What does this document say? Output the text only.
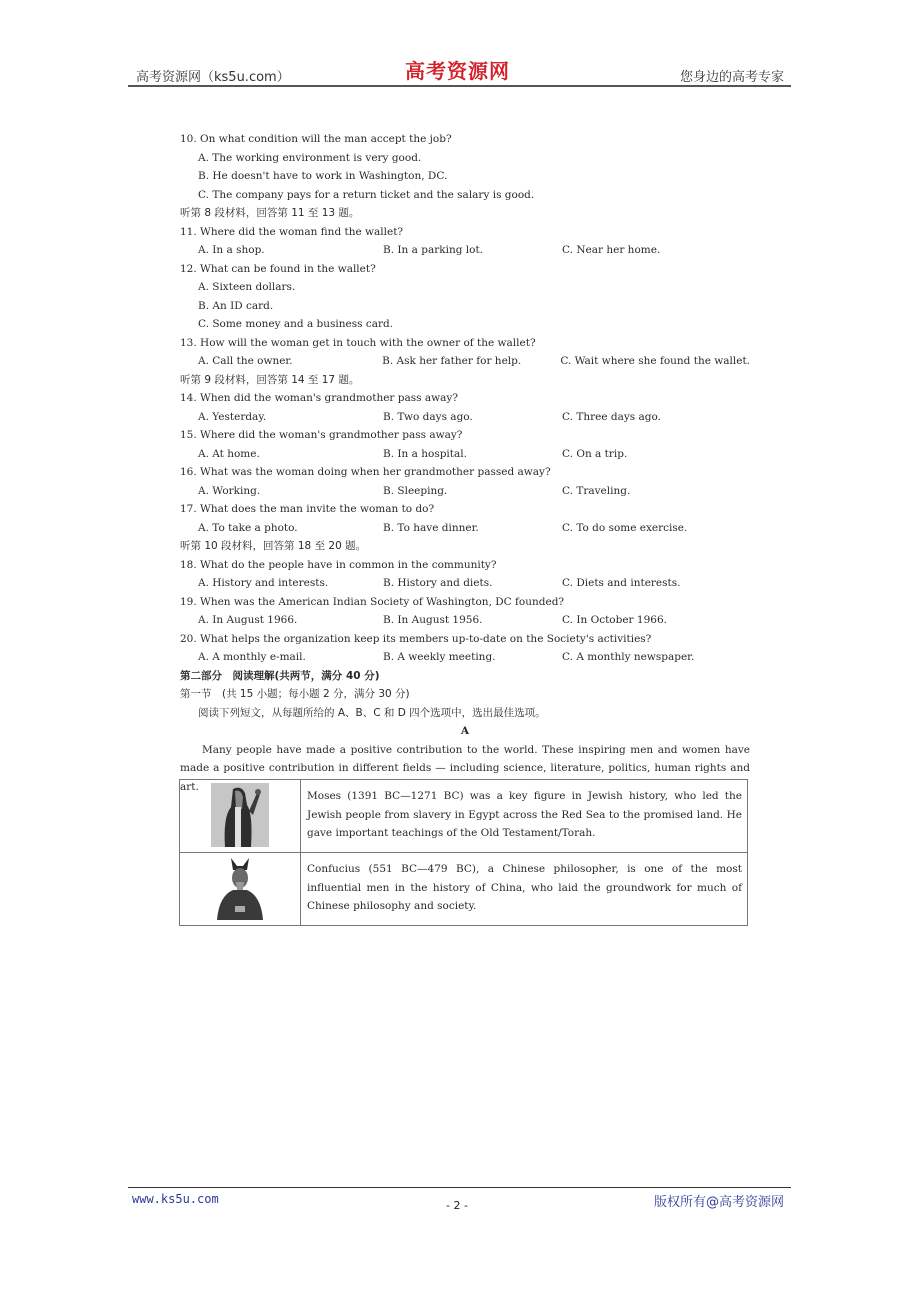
高考资源网（ks5u.com）	高考资源网	您身边的高考专家
10. On what condition will the man accept the job?
A. The working environment is very good.
B. He doesn't have to work in Washington, DC.
C. The company pays for a return ticket and the salary is good.
听第 8 段材料，回答第 11 至 13 题。
11. Where did the woman find the wallet?
A. In a shop.	B. In a parking lot.	C. Near her home.
12. What can be found in the wallet?
A. Sixteen dollars.
B. An ID card.
C. Some money and a business card.
13. How will the woman get in touch with the owner of the wallet?
A. Call the owner.	B. Ask her father for help.	C. Wait where she found the wallet.
听第 9 段材料，回答第 14 至 17 题。
14. When did the woman's grandmother pass away?
A. Yesterday.	B. Two days ago.	C. Three days ago.
15. Where did the woman's grandmother pass away?
A. At home.	B. In a hospital.	C. On a trip.
16. What was the woman doing when her grandmother passed away?
A. Working.	B. Sleeping.	C. Traveling.
17. What does the man invite the woman to do?
A. To take a photo.	B. To have dinner.	C. To do some exercise.
听第 10 段材料，回答第 18 至 20 题。
18. What do the people have in common in the community?
A. History and interests.	B. History and diets.	C. Diets and interests.
19. When was the American Indian Society of Washington, DC founded?
A. In August 1966.	B. In August 1956.	C. In October 1966.
20. What helps the organization keep its members up-to-date on the Society's activities?
A. A monthly e-mail.	B. A weekly meeting.	C. A monthly newspaper.
第二部分　阅读理解(共两节，满分 40 分)
第一节　(共 15 小题；每小题 2 分，满分 30 分)
阅读下列短文，从每题所给的 A、B、C 和 D 四个选项中，选出最佳选项。
A
Many people have made a positive contribution to the world. These inspiring men and women have made a positive contribution in different fields — including science, literature, politics, human rights and art.
	Moses (1391 BC—1271 BC) was a key figure in Jewish history, who led the Jewish people from slavery in Egypt across the Red Sea to the promised land. He gave important teachings of the Old Testament/Torah.
	Confucius (551 BC—479 BC), a Chinese philosopher, is one of the most influential men in the history of China, who laid the groundwork for much of Chinese philosophy and society.
www.ks5u.com	- 2 -	版权所有@高考资源网
